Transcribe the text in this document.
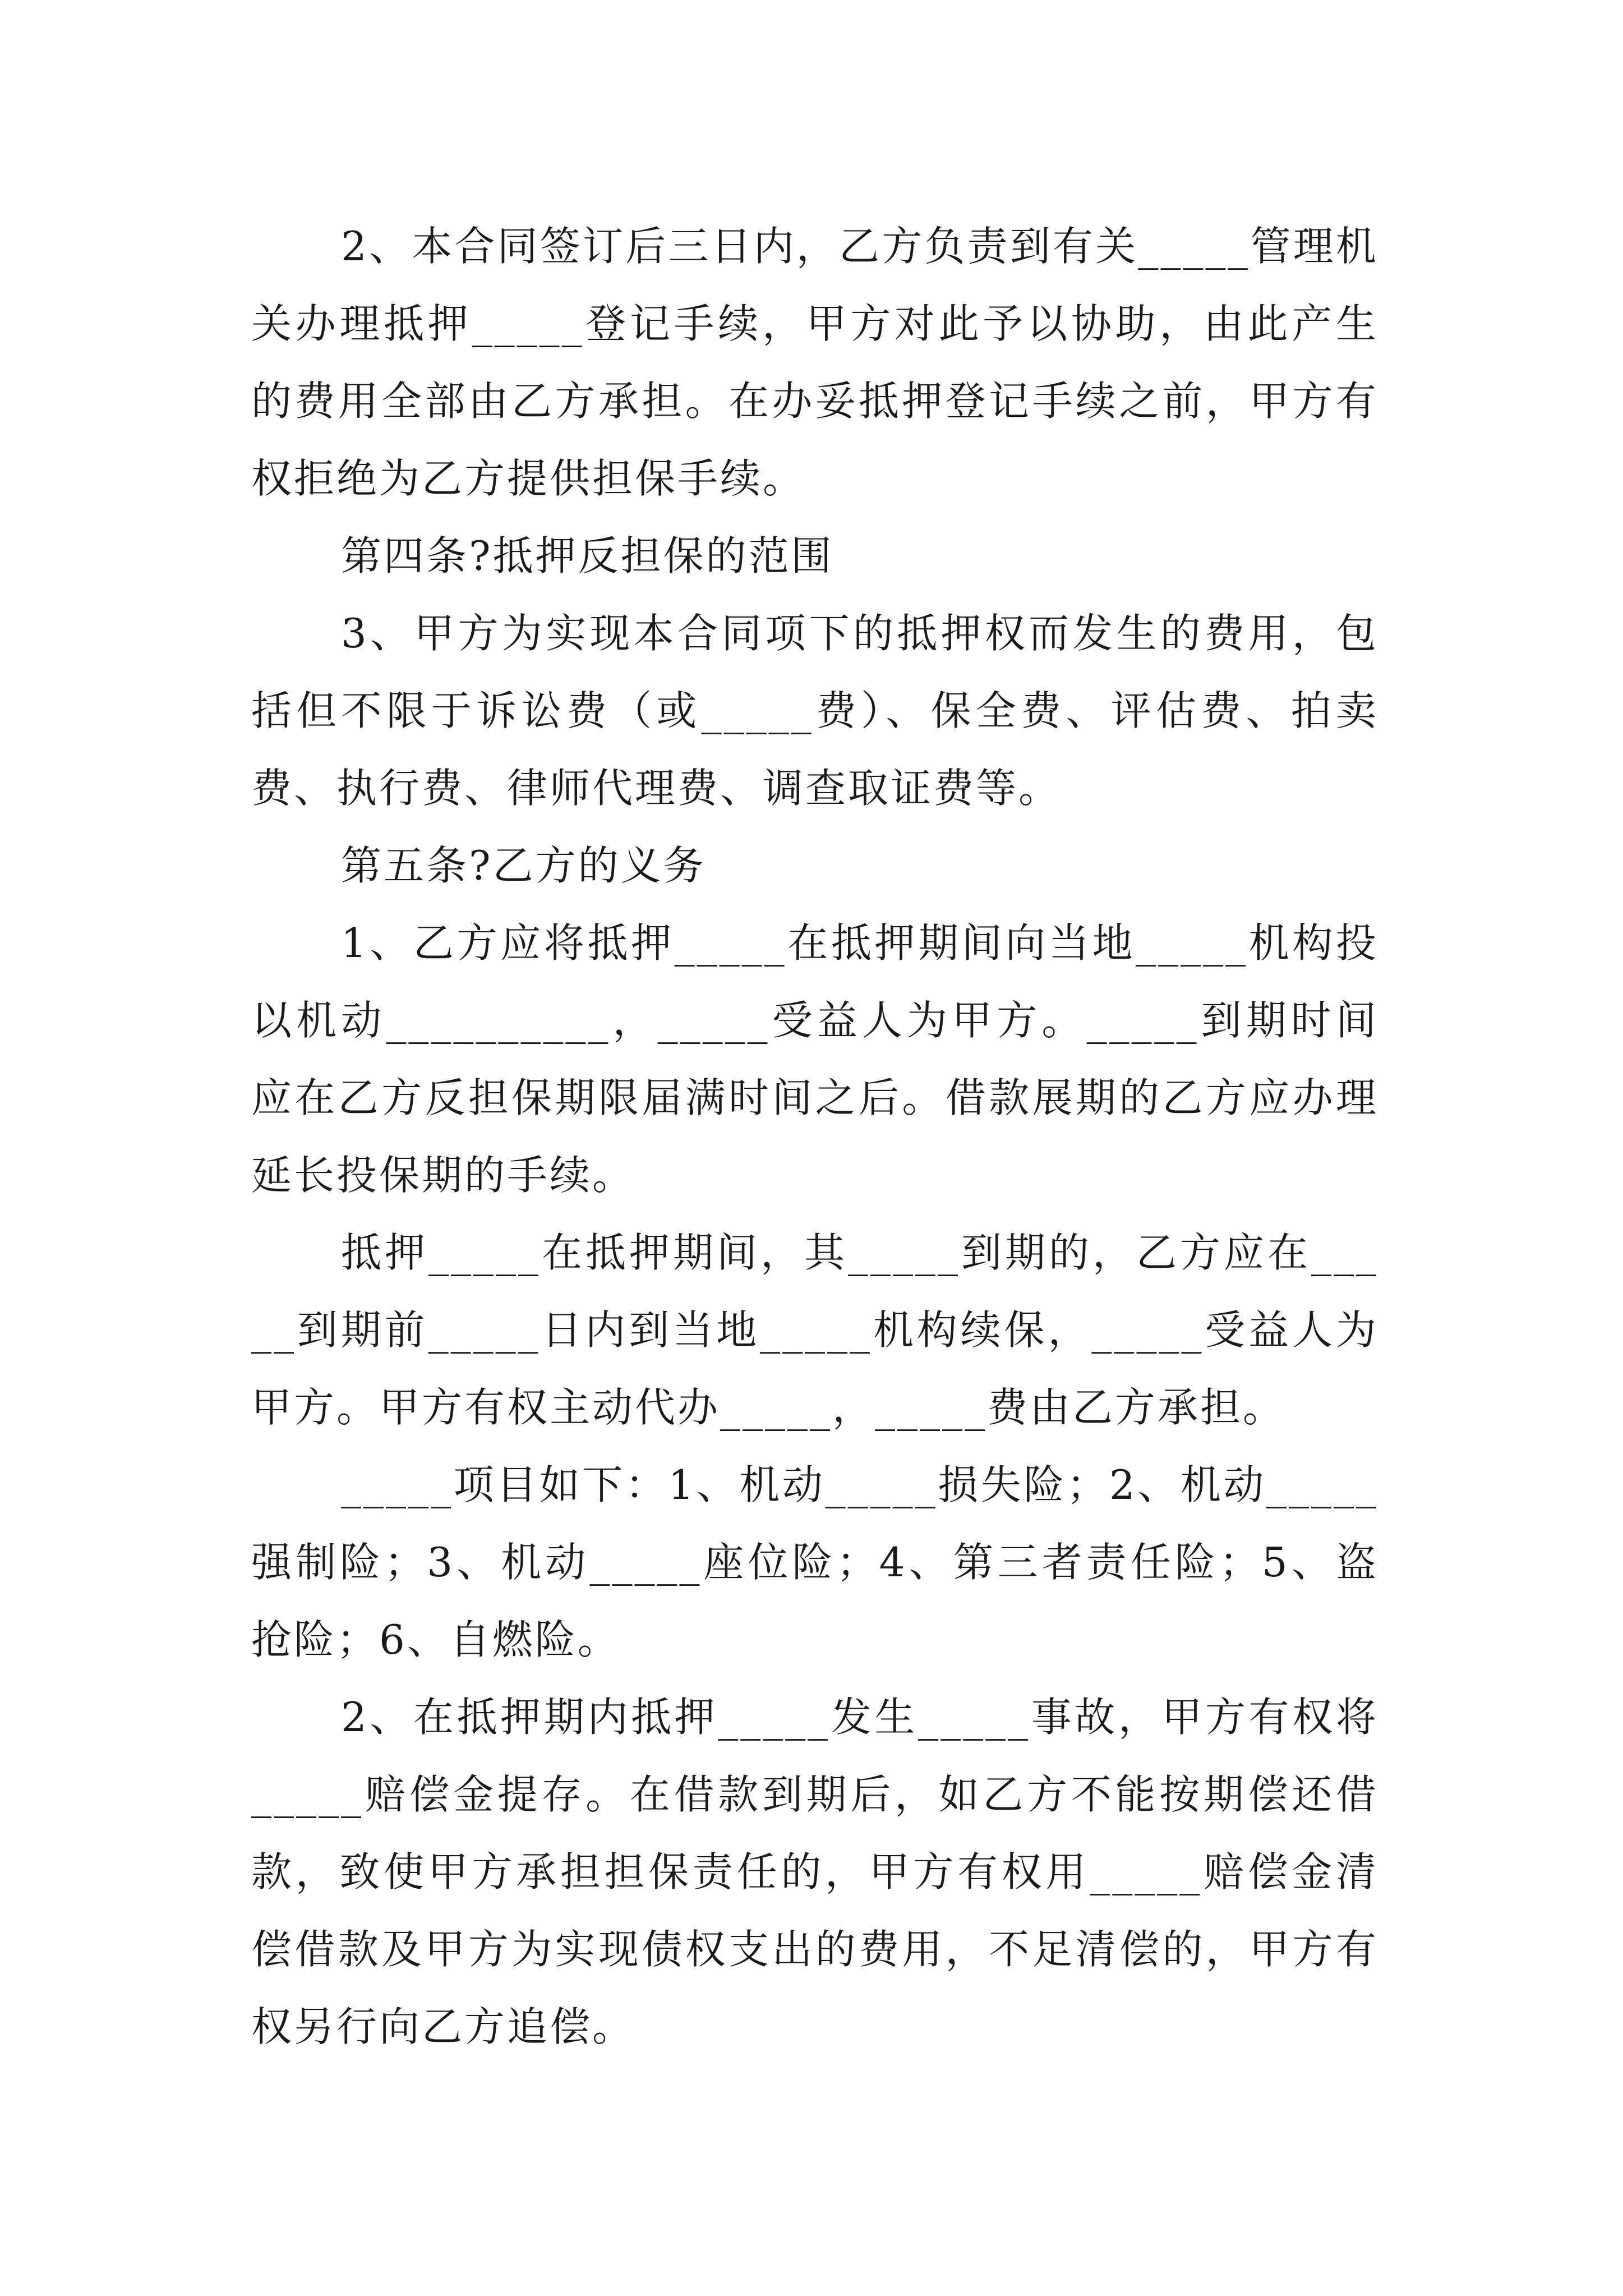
2、本合同签订后三日内，乙方负责到有关_____管理机关办理抵押_____登记手续，甲方对此予以协助，由此产生的费用全部由乙方承担。在办妥抵押登记手续之前，甲方有权拒绝为乙方提供担保手续。

第四条?抵押反担保的范围

3、甲方为实现本合同项下的抵押权而发生的费用，包括但不限于诉讼费（或_____费）、保全费、评估费、拍卖费、执行费、律师代理费、调查取证费等。

第五条?乙方的义务

1、乙方应将抵押_____在抵押期间向当地_____机构投以机动__________，_____受益人为甲方。_____到期时间应在乙方反担保期限届满时间之后。借款展期的乙方应办理延长投保期的手续。

抵押_____在抵押期间，其_____到期的，乙方应在_____到期前_____日内到当地_____机构续保，_____受益人为甲方。甲方有权主动代办_____，_____费由乙方承担。

_____项目如下：1、机动_____损失险；2、机动_____强制险；3、机动_____座位险；4、第三者责任险；5、盗抢险；6、自燃险。

2、在抵押期内抵押_____发生_____事故，甲方有权将_____赔偿金提存。在借款到期后，如乙方不能按期偿还借款，致使甲方承担担保责任的，甲方有权用_____赔偿金清偿借款及甲方为实现债权支出的费用，不足清偿的，甲方有权另行向乙方追偿。
